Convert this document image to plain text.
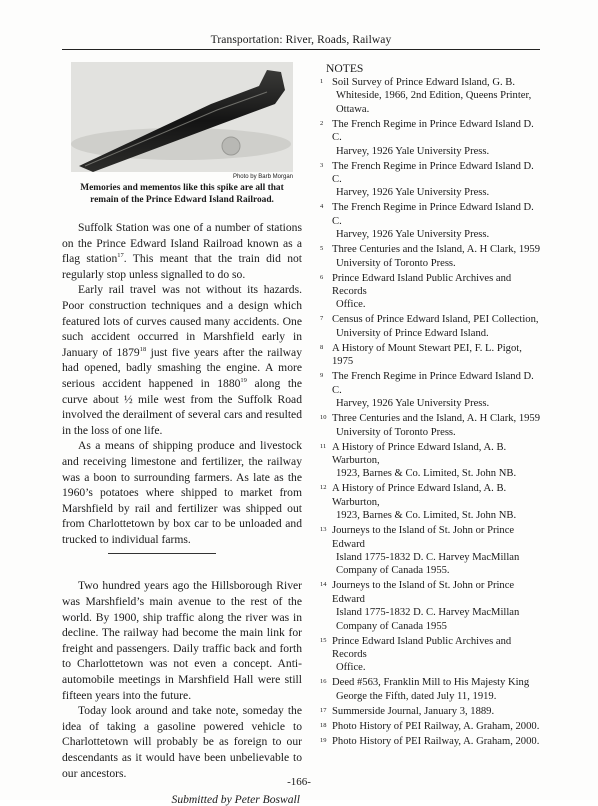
Transportation: River, Roads, Railway
Photo by Barb Morgan
Memories and mementos like this spike are all that
remain of the Prince Edward Island Railroad.

Suffolk Station was one of a number of stations on the Prince Edward Island Railroad known as a flag station$^{17}$. This meant that the train did not regularly stop unless signalled to do so.

Early rail travel was not without its hazards. Poor construction techniques and a design which featured lots of curves caused many accidents. One such accident occurred in Marshfield early in January of 1879$^{18}$ just five years after the railway had opened, badly smashing the engine. A more serious accident happened in 1880$^{19}$ along the curve about ½ mile west from the Suffolk Road involved the derailment of several cars and resulted in the loss of one life.

As a means of shipping produce and livestock and receiving limestone and fertilizer, the railway was a boon to surrounding farmers. As late as the 1960’s potatoes where shipped to market from Marshfield by rail and fertilizer was shipped out from Charlottetown by box car to be unloaded and trucked to individual farms.

Two hundred years ago the Hillsborough River was Marshfield’s main avenue to the rest of the world. By 1900, ship traffic along the river was in decline. The railway had become the main link for freight and passengers. Daily traffic back and forth to Charlottetown was not even a concept. Anti-automobile meetings in Marshfield Hall were still fifteen years into the future.

Today look around and take note, someday the idea of taking a gasoline powered vehicle to Charlottetown will probably be as foreign to our descendants as it would have been unbelievable to our ancestors.

Submitted by Peter Boswall
NOTES
1 Soil Survey of Prince Edward Island, G. B.
Whiteside, 1966, 2nd Edition, Queens Printer,
Ottawa.
2 The French Regime in Prince Edward Island D. C.
Harvey, 1926 Yale University Press.
3 The French Regime in Prince Edward Island D. C.
Harvey, 1926 Yale University Press.
4 The French Regime in Prince Edward Island D. C.
Harvey, 1926 Yale University Press.
5 Three Centuries and the Island, A. H Clark, 1959
University of Toronto Press.
6 Prince Edward Island Public Archives and Records
Office.
7 Census of Prince Edward Island, PEI Collection,
University of Prince Edward Island.
8 A History of Mount Stewart PEI, F. L. Pigot, 1975
9 The French Regime in Prince Edward Island D. C.
Harvey, 1926 Yale University Press.
10 Three Centuries and the Island, A. H Clark, 1959
University of Toronto Press.
11 A History of Prince Edward Island, A. B. Warburton,
1923, Barnes & Co. Limited, St. John NB.
12 A History of Prince Edward Island, A. B. Warburton,
1923, Barnes & Co. Limited, St. John NB.
13 Journeys to the Island of St. John or Prince Edward
Island 1775-1832 D. C. Harvey MacMillan
Company of Canada 1955.
14 Journeys to the Island of St. John or Prince Edward
Island 1775-1832 D. C. Harvey MacMillan
Company of Canada 1955
15 Prince Edward Island Public Archives and Records
Office.
16 Deed #563, Franklin Mill to His Majesty King
George the Fifth, dated July 11, 1919.
17 Summerside Journal, January 3, 1889.
18 Photo History of PEI Railway, A. Graham, 2000.
19 Photo History of PEI Railway, A. Graham, 2000.
-166-
